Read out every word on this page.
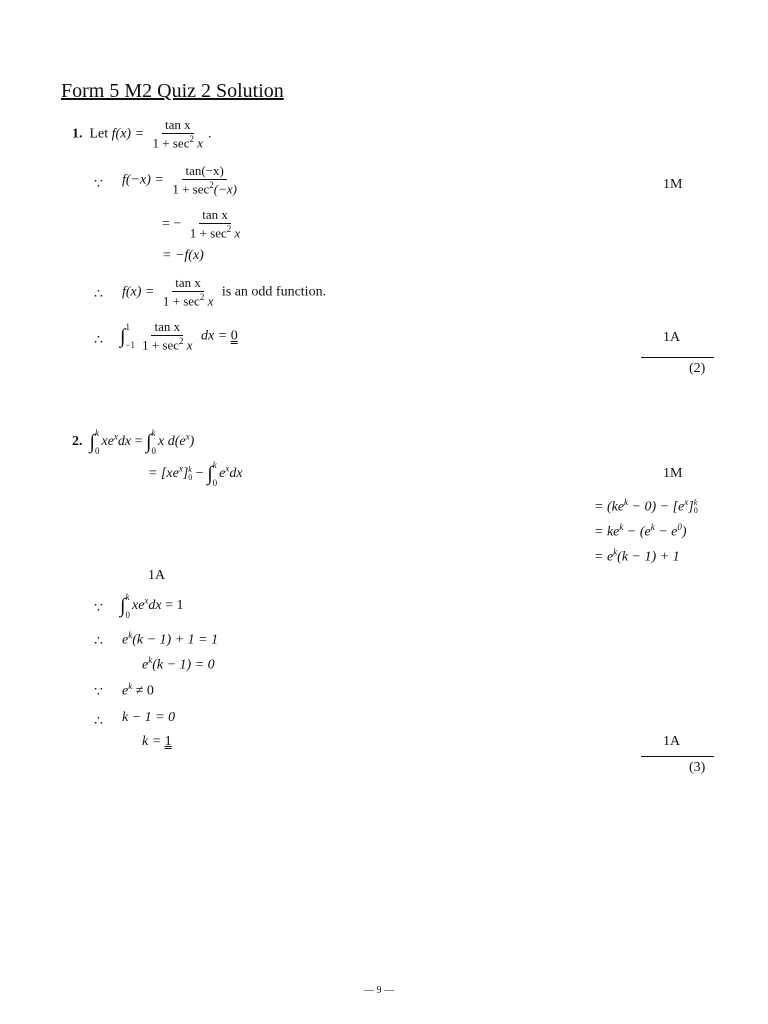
Form 5 M2 Quiz 2 Solution
1. Let $f(x) = \frac{\text{tan x}}{1 + \sec^2 x}$ .
∵ $f(-x) = \frac{\tan(-x)}{1 + \sec^2(-x)}$	1M
= − $\frac{\text{tan x}}{1 + \sec^2 x}$
= −f(x)
∴ $f(x) = \frac{\text{tan x}}{1 + \sec^2 x}$ is an odd function.
∴ ∫ 1
$-1 \frac{\text{tan x}}{1 + \sec^2 x}$ dx = 0	1A
(2)
2. ∫ k
0
$xe^xdx$ = ∫ k
0
x $d(e^x)$
= $[xe^x]$ k
0 − ∫ k
0
$e^xdx$	1M
= $(ke^k - 0) - [e^x]$ k
0
= $ke^k - (e^k - e^0)$
= $e^k(k - 1) + 1$
1A
∵ ∫ k
0
$xe^xdx = 1$
∴ $e^k(k - 1) + 1 = 1$
$e^k(k - 1) = 0$
∵ $e^k \ne 0$
∴ k − 1 = 0
k = 1	1A
(3)
— 9 —
